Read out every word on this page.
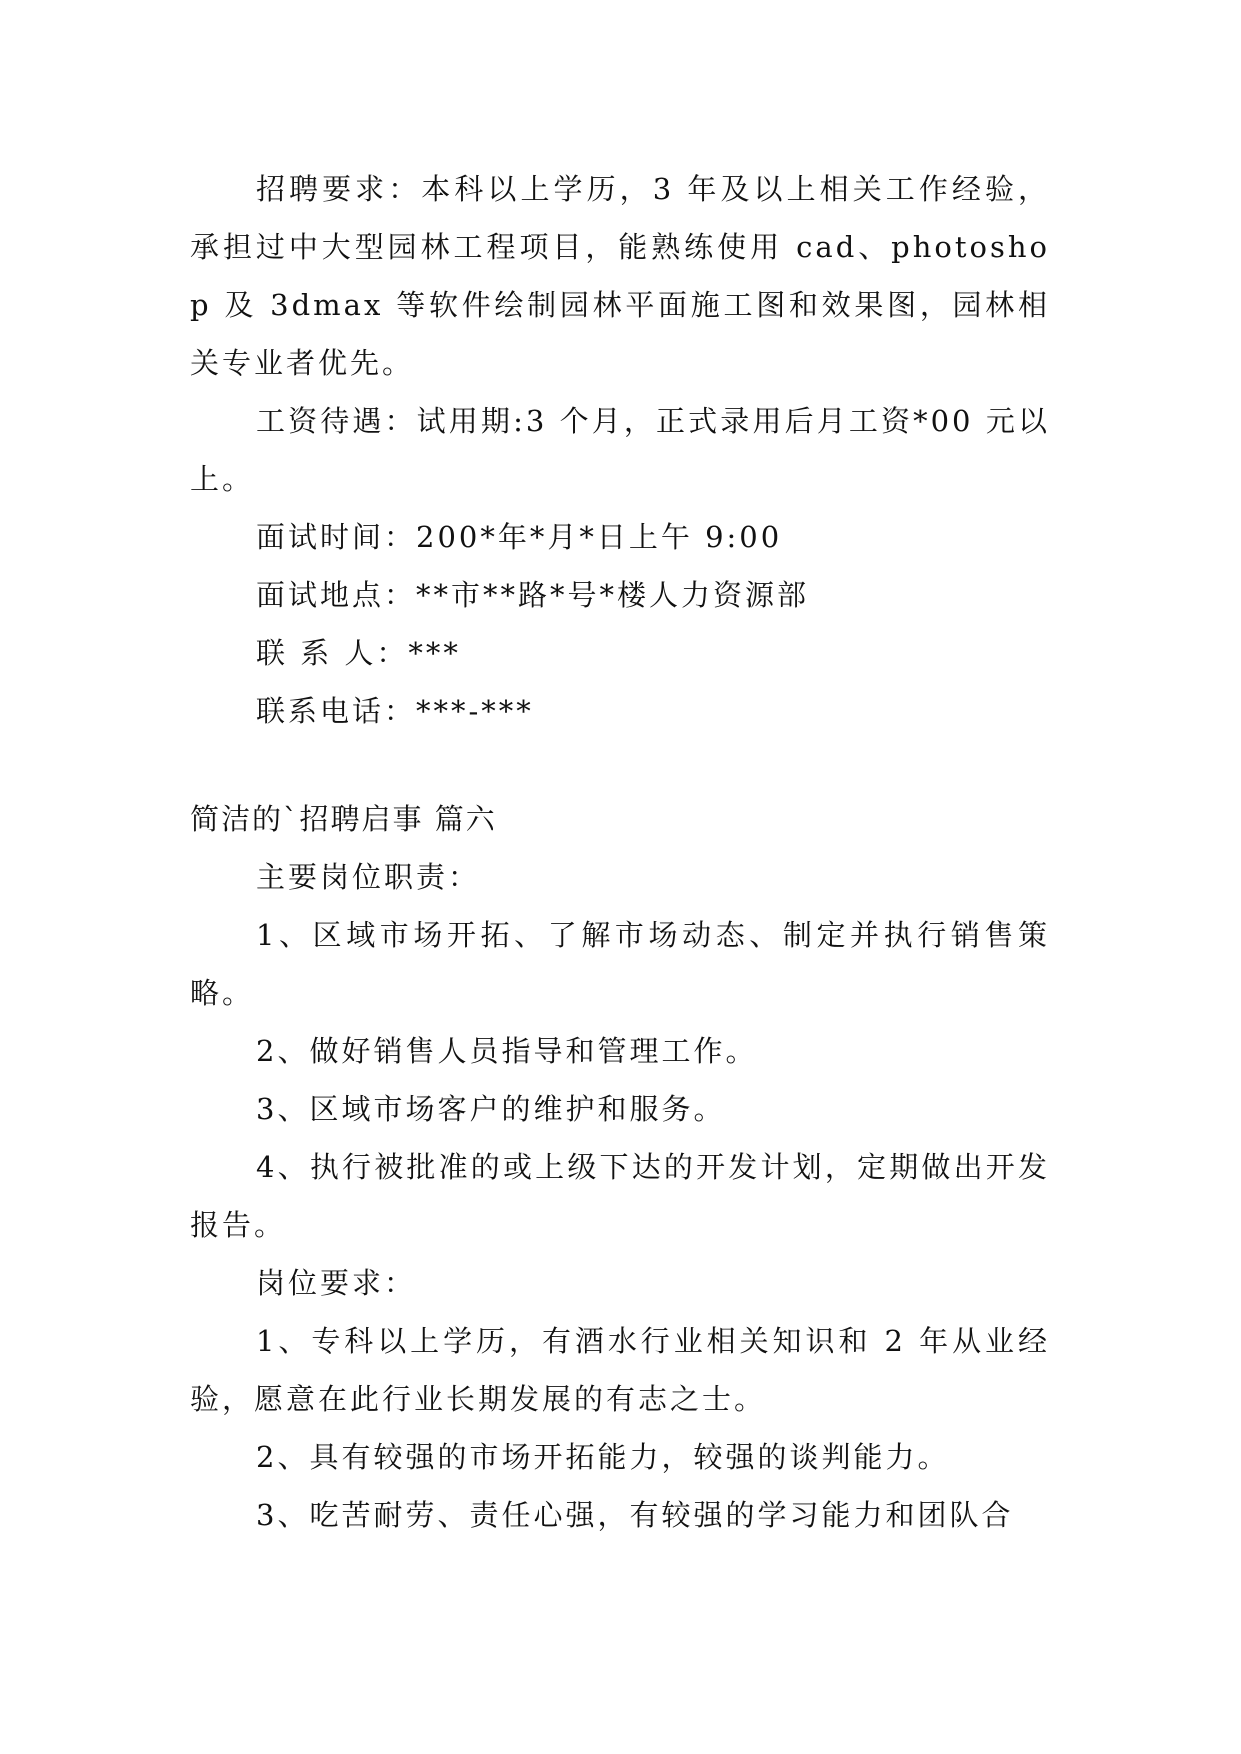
招聘要求：本科以上学历，3 年及以上相关工作经验，承担过中大型园林工程项目，能熟练使用 cad、photoshop 及 3dmax 等软件绘制园林平面施工图和效果图，园林相关专业者优先。

工资待遇：试用期:3 个月，正式录用后月工资*00 元以上。

面试时间：200*年*月*日上午 9:00

面试地点：**市**路*号*楼人力资源部

联 系 人：***

联系电话：***-***

简洁的`招聘启事 篇六

主要岗位职责：

1、区域市场开拓、了解市场动态、制定并执行销售策略。

2、做好销售人员指导和管理工作。

3、区域市场客户的维护和服务。

4、执行被批准的或上级下达的开发计划，定期做出开发报告。

岗位要求：

1、专科以上学历，有酒水行业相关知识和 2 年从业经验，愿意在此行业长期发展的有志之士。

2、具有较强的市场开拓能力，较强的谈判能力。

3、吃苦耐劳、责任心强，有较强的学习能力和团队合
